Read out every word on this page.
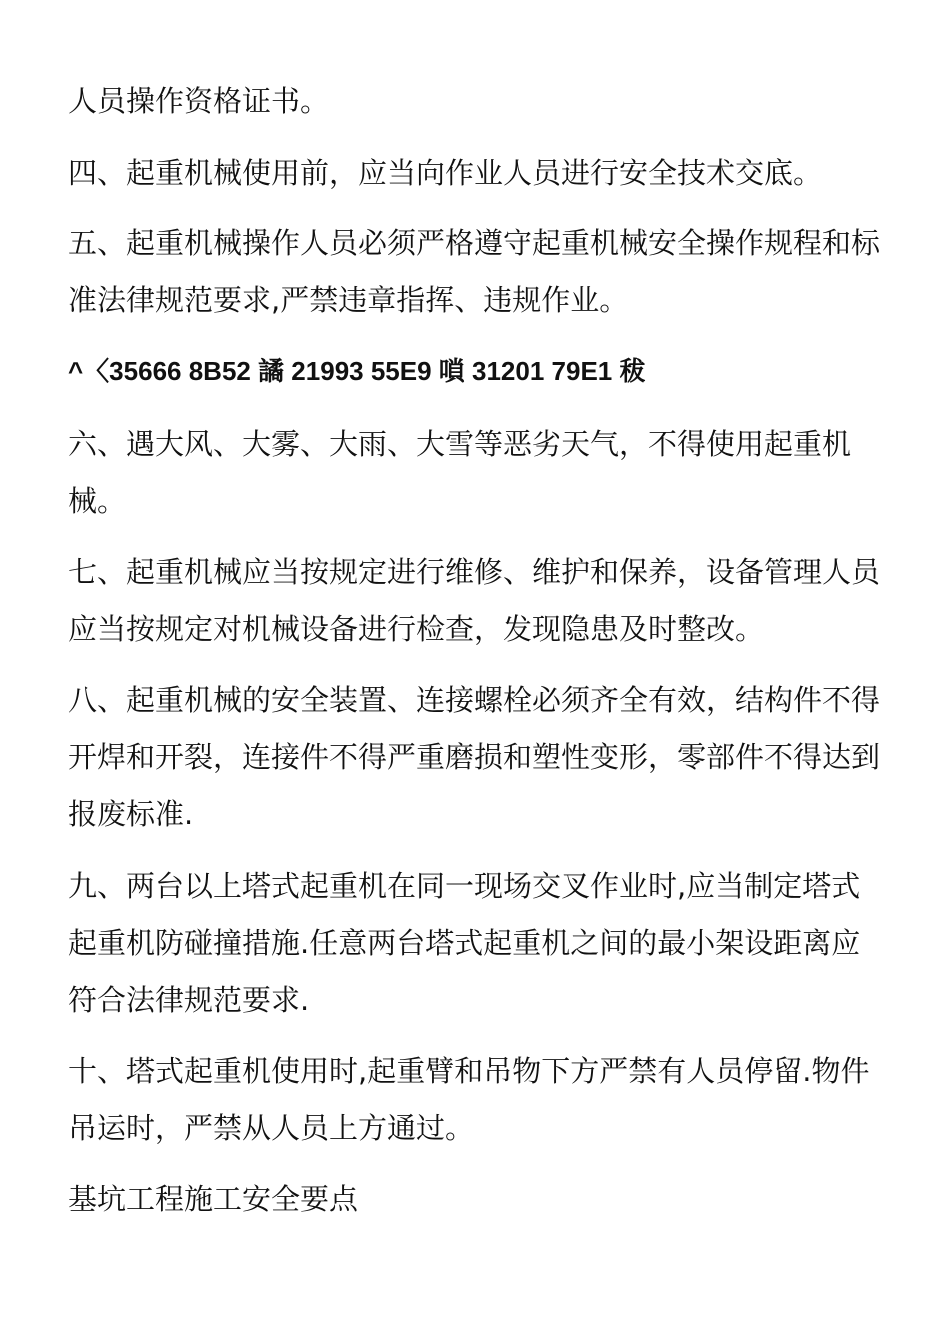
人员操作资格证书。

四、起重机械使用前，应当向作业人员进行安全技术交底。

五、起重机械操作人员必须严格遵守起重机械安全操作规程和标准法律规范要求,严禁违章指挥、违规作业。

^〈35666 8B52 譎 21993 55E9 嗩 31201 79E1 秡

六、遇大风、大雾、大雨、大雪等恶劣天气，不得使用起重机械。

七、起重机械应当按规定进行维修、维护和保养，设备管理人员应当按规定对机械设备进行检查，发现隐患及时整改。

八、起重机械的安全装置、连接螺栓必须齐全有效，结构件不得开焊和开裂，连接件不得严重磨损和塑性变形，零部件不得达到报废标准.

九、两台以上塔式起重机在同一现场交叉作业时,应当制定塔式起重机防碰撞措施.任意两台塔式起重机之间的最小架设距离应符合法律规范要求.

十、塔式起重机使用时,起重臂和吊物下方严禁有人员停留.物件吊运时，严禁从人员上方通过。

基坑工程施工安全要点
